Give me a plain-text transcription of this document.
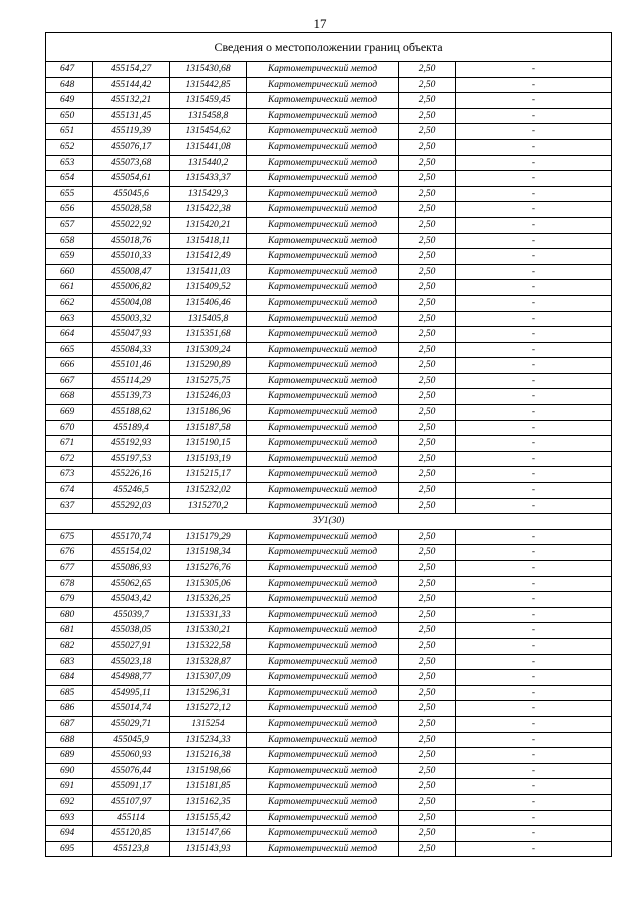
17
Сведения о местоположении границ объекта					
647	455154,27	1315430,68	Картометрический метод	2,50	-
648	455144,42	1315442,85	Картометрический метод	2,50	-
649	455132,21	1315459,45	Картометрический метод	2,50	-
650	455131,45	1315458,8	Картометрический метод	2,50	-
651	455119,39	1315454,62	Картометрический метод	2,50	-
652	455076,17	1315441,08	Картометрический метод	2,50	-
653	455073,68	1315440,2	Картометрический метод	2,50	-
654	455054,61	1315433,37	Картометрический метод	2,50	-
655	455045,6	1315429,3	Картометрический метод	2,50	-
656	455028,58	1315422,38	Картометрический метод	2,50	-
657	455022,92	1315420,21	Картометрический метод	2,50	-
658	455018,76	1315418,11	Картометрический метод	2,50	-
659	455010,33	1315412,49	Картометрический метод	2,50	-
660	455008,47	1315411,03	Картометрический метод	2,50	-
661	455006,82	1315409,52	Картометрический метод	2,50	-
662	455004,08	1315406,46	Картометрический метод	2,50	-
663	455003,32	1315405,8	Картометрический метод	2,50	-
664	455047,93	1315351,68	Картометрический метод	2,50	-
665	455084,33	1315309,24	Картометрический метод	2,50	-
666	455101,46	1315290,89	Картометрический метод	2,50	-
667	455114,29	1315275,75	Картометрический метод	2,50	-
668	455139,73	1315246,03	Картометрический метод	2,50	-
669	455188,62	1315186,96	Картометрический метод	2,50	-
670	455189,4	1315187,58	Картометрический метод	2,50	-
671	455192,93	1315190,15	Картометрический метод	2,50	-
672	455197,53	1315193,19	Картометрический метод	2,50	-
673	455226,16	1315215,17	Картометрический метод	2,50	-
674	455246,5	1315232,02	Картометрический метод	2,50	-
637	455292,03	1315270,2	Картометрический метод	2,50	-
ЗУ1(30)					
675	455170,74	1315179,29	Картометрический метод	2,50	-
676	455154,02	1315198,34	Картометрический метод	2,50	-
677	455086,93	1315276,76	Картометрический метод	2,50	-
678	455062,65	1315305,06	Картометрический метод	2,50	-
679	455043,42	1315326,25	Картометрический метод	2,50	-
680	455039,7	1315331,33	Картометрический метод	2,50	-
681	455038,05	1315330,21	Картометрический метод	2,50	-
682	455027,91	1315322,58	Картометрический метод	2,50	-
683	455023,18	1315328,87	Картометрический метод	2,50	-
684	454988,77	1315307,09	Картометрический метод	2,50	-
685	454995,11	1315296,31	Картометрический метод	2,50	-
686	455014,74	1315272,12	Картометрический метод	2,50	-
687	455029,71	1315254	Картометрический метод	2,50	-
688	455045,9	1315234,33	Картометрический метод	2,50	-
689	455060,93	1315216,38	Картометрический метод	2,50	-
690	455076,44	1315198,66	Картометрический метод	2,50	-
691	455091,17	1315181,85	Картометрический метод	2,50	-
692	455107,97	1315162,35	Картометрический метод	2,50	-
693	455114	1315155,42	Картометрический метод	2,50	-
694	455120,85	1315147,66	Картометрический метод	2,50	-
695	455123,8	1315143,93	Картометрический метод	2,50	-
